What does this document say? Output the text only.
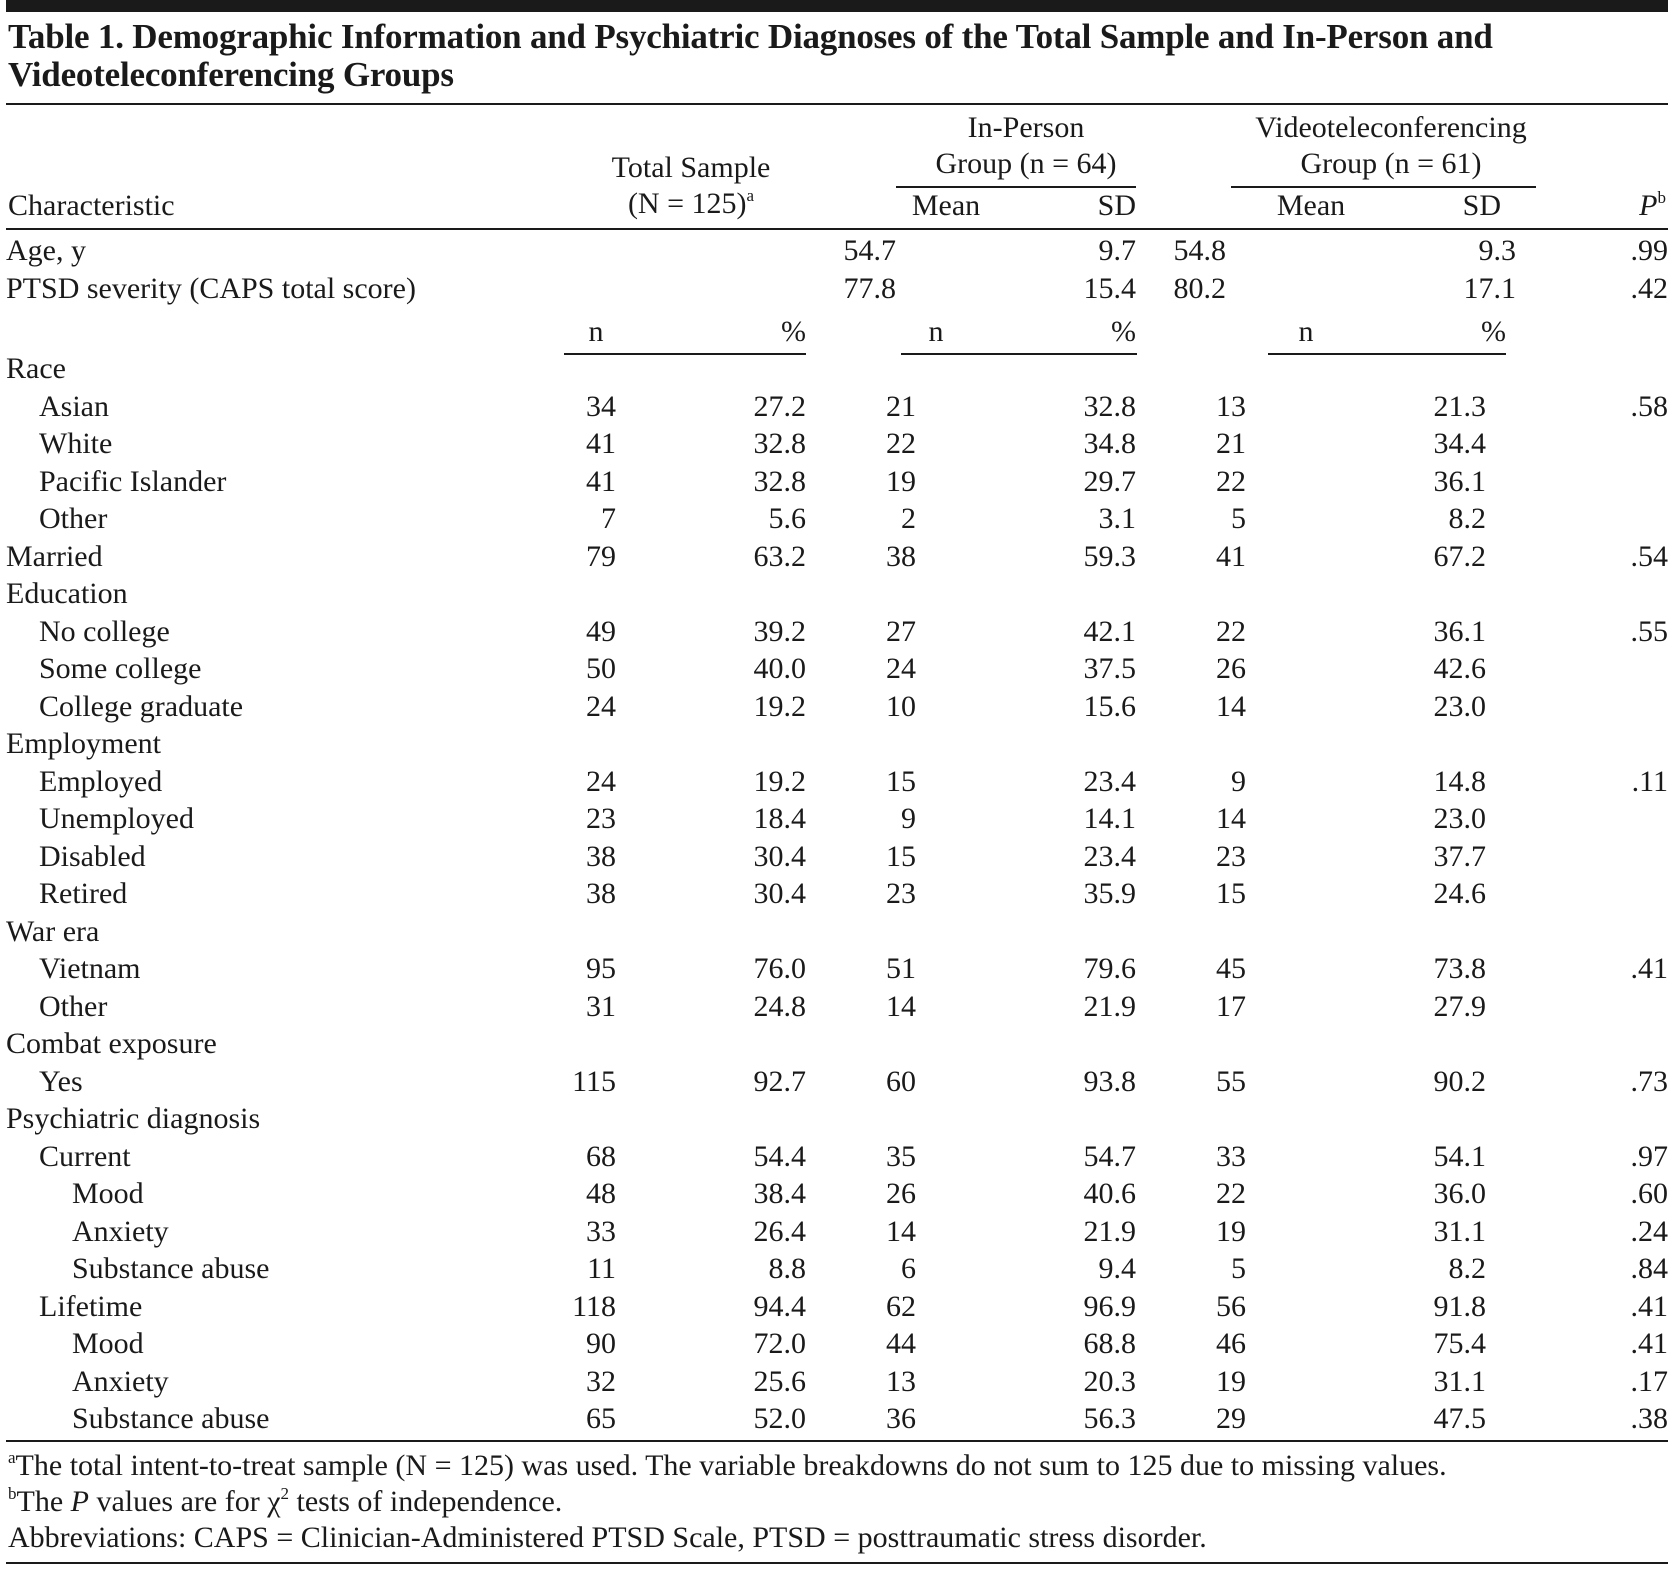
Table 1. Demographic Information and Psychiatric Diagnoses of the Total Sample and In-Person and Videoteleconferencing Groups
In-Person
Group (n = 64)
Videoteleconferencing
Group (n = 61)
Total Sample
(N = 125)$^a$
Characteristic	Mean	SD	Mean	SD	$P^b$
Age, y	54.7	9.7	54.8	9.3	.99
PTSD severity (CAPS total score)	77.8	15.4	80.2	17.1	.42
n	%	n	%	n	%
Race							
Asian	34	27.2	21	32.8	13	21.3	.58
White	41	32.8	22	34.8	21	34.4	
Pacific Islander	41	32.8	19	29.7	22	36.1	
Other	7	5.6	2	3.1	5	8.2	
Married	79	63.2	38	59.3	41	67.2	.54
Education							
No college	49	39.2	27	42.1	22	36.1	.55
Some college	50	40.0	24	37.5	26	42.6	
College graduate	24	19.2	10	15.6	14	23.0	
Employment							
Employed	24	19.2	15	23.4	9	14.8	.11
Unemployed	23	18.4	9	14.1	14	23.0	
Disabled	38	30.4	15	23.4	23	37.7	
Retired	38	30.4	23	35.9	15	24.6	
War era							
Vietnam	95	76.0	51	79.6	45	73.8	.41
Other	31	24.8	14	21.9	17	27.9	
Combat exposure							
Yes	115	92.7	60	93.8	55	90.2	.73
Psychiatric diagnosis							
Current	68	54.4	35	54.7	33	54.1	.97
Mood	48	38.4	26	40.6	22	36.0	.60
Anxiety	33	26.4	14	21.9	19	31.1	.24
Substance abuse	11	8.8	6	9.4	5	8.2	.84
Lifetime	118	94.4	62	96.9	56	91.8	.41
Mood	90	72.0	44	68.8	46	75.4	.41
Anxiety	32	25.6	13	20.3	19	31.1	.17
Substance abuse	65	52.0	36	56.3	29	47.5	.38
$^a$The total intent-to-treat sample (N = 125) was used. The variable breakdowns do not sum to 125 due to missing values.
$^b$The P values are for $\chi^2$ tests of independence.
Abbreviations: CAPS = Clinician-Administered PTSD Scale, PTSD = posttraumatic stress disorder.
